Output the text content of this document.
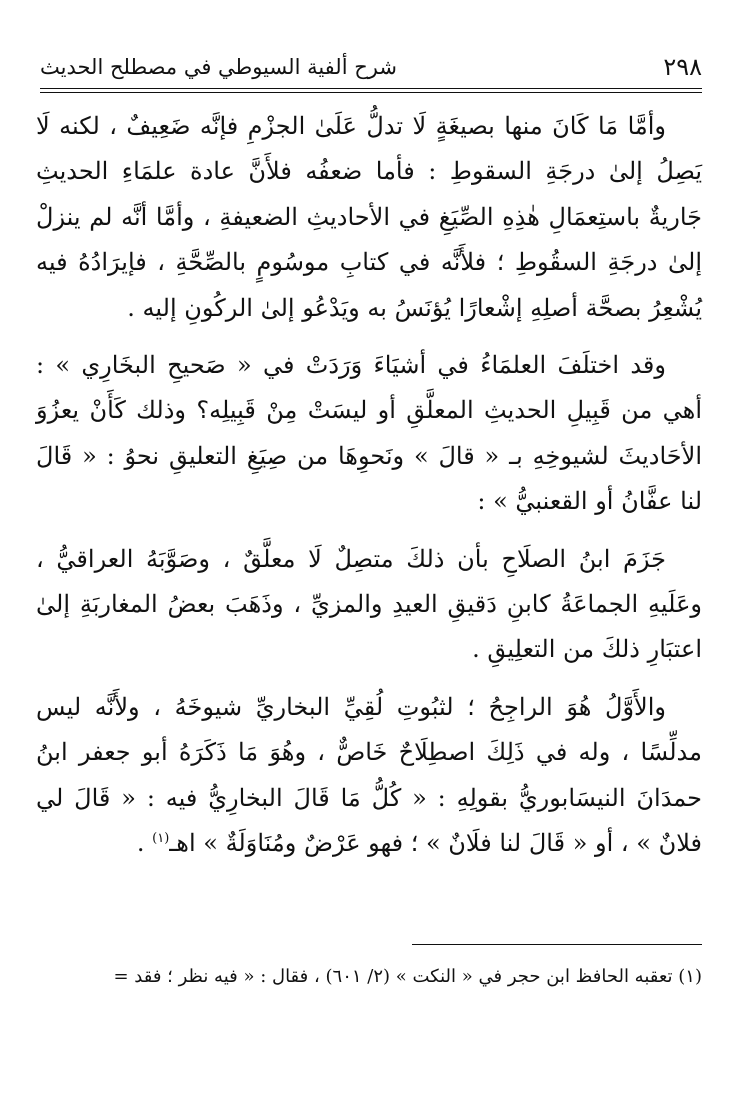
٢٩٨
شرح ألفية السيوطي في مصطلح الحديث

وأمَّا مَا كَانَ منها بصيغَةٍ لَا تدلُّ عَلَىٰ الجزْمِ فإنَّه ضَعِيفٌ ، لكنه لَا يَصِلُ إلىٰ درجَةِ السقوطِ : فأما ضعفُه فلأَنَّ عادة علمَاءِ الحديثِ جَاريةٌ باستِعمَالِ هٰذِهِ الصِّيَغِ في الأحاديثِ الضعيفةِ ، وأمَّا أنَّه لم ينزلْ إلىٰ درجَةِ السقُوطِ ؛ فلأَنَّه في كتابِ موسُومٍ بالصِّحَّةِ ، فإيرَادُهُ فيه يُشْعِرُ بصحَّة أصلِهِ إشْعارًا يُؤنَسُ به ويَدْعُو إلىٰ الركُونِ إليه .

وقد اختلَفَ العلمَاءُ في أشيَاءَ وَرَدَتْ في « صَحيحِ البخَارِي » : أهي من قَبِيلِ الحديثِ المعلَّقِ أو ليسَتْ مِنْ قَبِيلِه؟ وذلك كَأَنْ يعزُوَ الأحَاديثَ لشيوخِهِ بـ « قالَ » ونَحوِهَا من صِيَغِ التعليقِ نحوُ : « قَالَ لنا عفَّانُ أو القعنبيُّ » :

جَزَمَ ابنُ الصلَاحِ بأن ذلكَ متصِلٌ لَا معلَّقٌ ، وصَوَّبَهُ العراقيُّ ، وعَلَيهِ الجماعَةُ كابنِ دَقيقِ العيدِ والمزيِّ ، وذَهَبَ بعضُ المغاربَةِ إلىٰ اعتبَارِ ذلكَ من التعلِيقِ .

والأَوَّلُ هُوَ الراجِحُ ؛ لثبُوتِ لُقِيِّ البخاريِّ شيوخَهُ ، ولأَنَّه ليس مدلِّسًا ، وله في ذَلِكَ اصطِلَاحٌ خَاصٌّ ، وهُوَ مَا ذَكَرَهُ أبو جعفر ابنُ حمدَانَ النيسَابوريُّ بقولِهِ : « كُلُّ مَا قَالَ البخارِيُّ فيه : « قَالَ لي فلانٌ » ، أو « قَالَ لنا فلَانٌ » ؛ فهو عَرْضٌ ومُنَاوَلَةٌ » اهـ$^{(١)}$ .

(١) تعقبه الحافظ ابن حجر في « النكت » (٢/ ٦٠١) ، فقال : « فيه نظر ؛ فقد =
